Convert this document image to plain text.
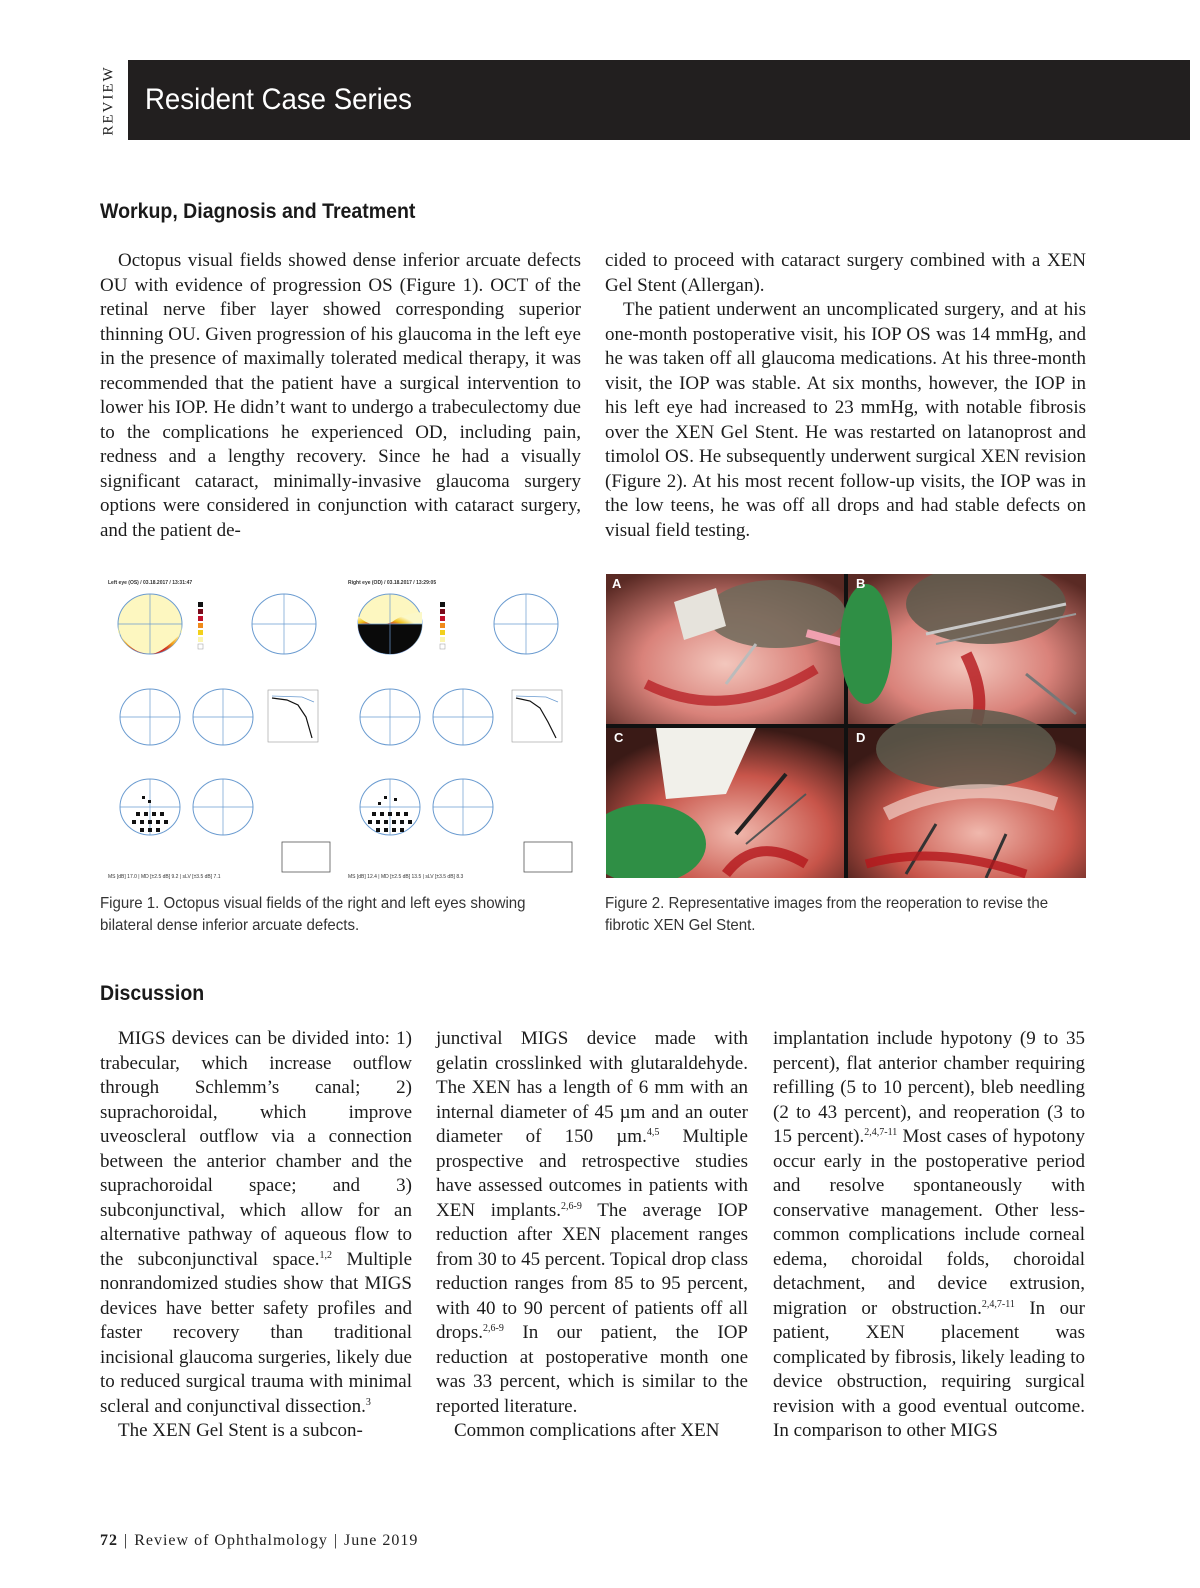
REVIEW Resident Case Series
Workup, Diagnosis and Treatment

Octopus visual fields showed dense inferior arcuate defects OU with evidence of progression OS (Figure 1). OCT of the retinal nerve fiber layer showed corresponding superior thinning OU. Given progression of his glaucoma in the left eye in the presence of maximally tolerated medical therapy, it was recommended that the patient have a surgical intervention to lower his IOP. He didn’t want to undergo a trabeculectomy due to the complications he experienced OD, including pain, redness and a lengthy recovery. Since he had a visually significant cataract, minimally-invasive glaucoma surgery options were considered in conjunction with cataract surgery, and the patient de-

cided to proceed with cataract surgery combined with a XEN Gel Stent (Allergan).

The patient underwent an uncomplicated surgery, and at his one-month postoperative visit, his IOP OS was 14 mmHg, and he was taken off all glaucoma medications. At his three-month visit, the IOP was stable. At six months, however, the IOP in his left eye had increased to 23 mmHg, with notable fibrosis over the XEN Gel Stent. He was restarted on latanoprost and timolol OS. He subsequently underwent surgical XEN revision (Figure 2). At his most recent follow-up visits, the IOP was in the low teens, he was off all drops and had stable defects on visual field testing.

Left eye (OS) / 03.18.2017 / 13:31:47
MS [dB] 17.0 | MD [±2.5 dB] 9.2 | sLV [±3.5 dB] 7.1
Right eye (OD) / 03.18.2017 / 13:29:05
MS [dB] 12.4 | MD [±2.5 dB] 13.5 | sLV [±3.5 dB] 8.3
A	B
C	D
Figure 1. Octopus visual fields of the right and left eyes showing bilateral dense inferior arcuate defects.
Figure 2. Representative images from the reoperation to revise the fibrotic XEN Gel Stent.
Discussion

MIGS devices can be divided into: 1) trabecular, which increase outflow through Schlemm’s canal; 2) suprachoroidal, which improve uveoscleral outflow via a connection between the anterior chamber and the suprachoroidal space; and 3) subconjunctival, which allow for an alternative pathway of aqueous flow to the subconjunctival space.$^{1,2}$ Multiple nonrandomized studies show that MIGS devices have better safety profiles and faster recovery than traditional incisional glaucoma surgeries, likely due to reduced surgical trauma with minimal scleral and conjunctival dissection.$^3$

The XEN Gel Stent is a subcon-

junctival MIGS device made with gelatin crosslinked with glutaraldehyde. The XEN has a length of 6 mm with an internal diameter of 45 µm and an outer diameter of 150 µm.$^{4,5}$ Multiple prospective and retrospective studies have assessed outcomes in patients with XEN implants.$^{2,6-9}$ The average IOP reduction after XEN placement ranges from 30 to 45 percent. Topical drop class reduction ranges from 85 to 95 percent, with 40 to 90 percent of patients off all drops.$^{2,6-9}$ In our patient, the IOP reduction at postoperative month one was 33 percent, which is similar to the reported literature.

Common complications after XEN

implantation include hypotony (9 to 35 percent), flat anterior chamber requiring refilling (5 to 10 percent), bleb needling (2 to 43 percent), and reoperation (3 to 15 percent).$^{2,4,7-11}$ Most cases of hypotony occur early in the postoperative period and resolve spontaneously with conservative management. Other less-common complications include corneal edema, choroidal folds, choroidal detachment, and device extrusion, migration or obstruction.$^{2,4,7-11}$ In our patient, XEN placement was complicated by fibrosis, likely leading to device obstruction, requiring surgical revision with a good eventual outcome. In comparison to other MIGS

72 | Review of Ophthalmology | June 2019
